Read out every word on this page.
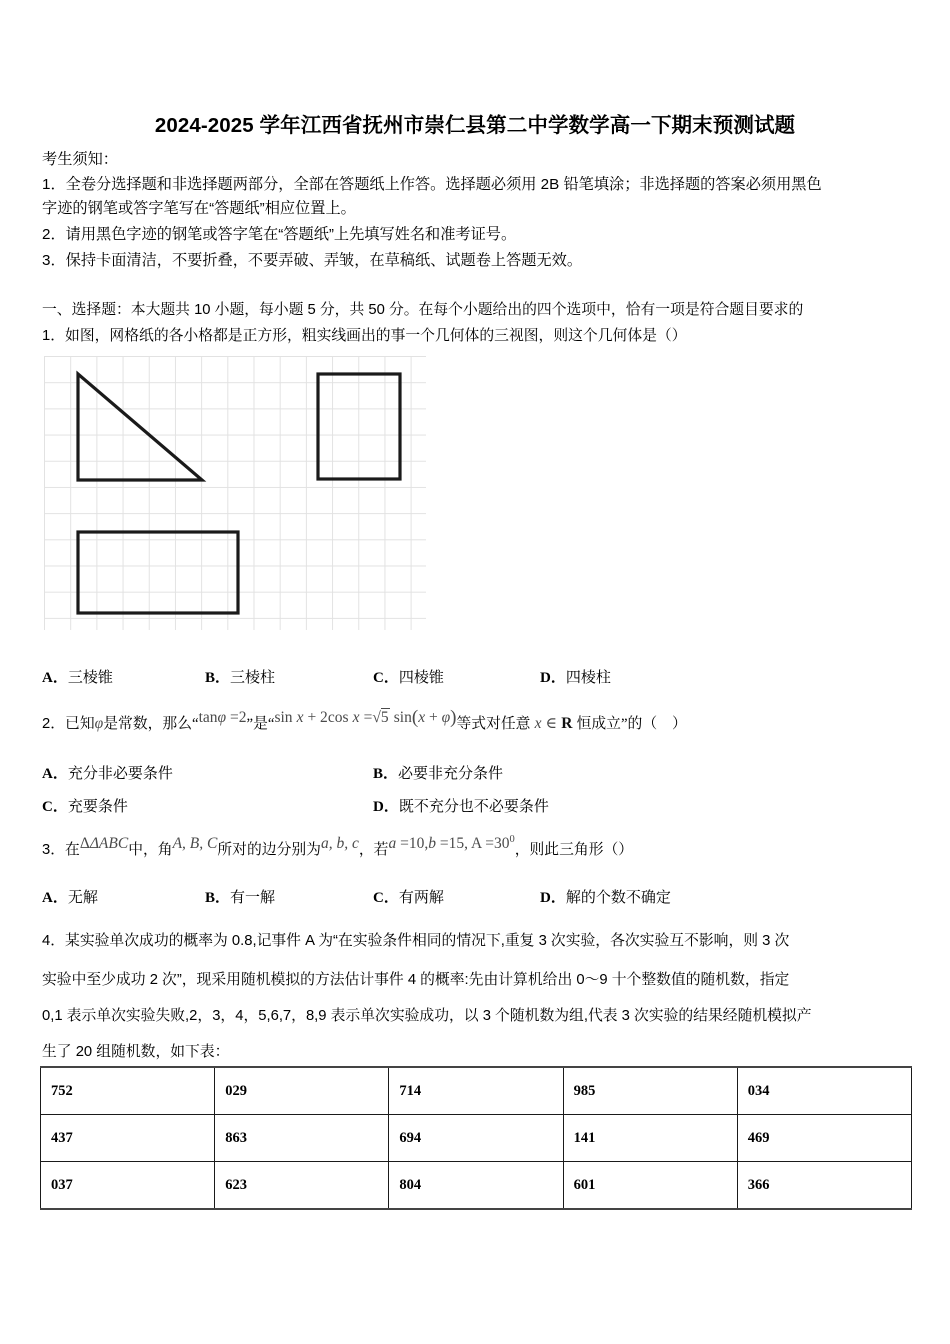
2024-2025 学年江西省抚州市崇仁县第二中学数学高一下期末预测试题
考生须知：
1．全卷分选择题和非选择题两部分，全部在答题纸上作答。选择题必须用 2B 铅笔填涂；非选择题的答案必须用黑色
字迹的钢笔或答字笔写在“答题纸”相应位置上。
2．请用黑色字迹的钢笔或答字笔在“答题纸”上先填写姓名和准考证号。
3．保持卡面清洁，不要折叠，不要弄破、弄皱，在草稿纸、试题卷上答题无效。
一、选择题：本大题共 10 小题，每小题 5 分，共 50 分。在每个小题给出的四个选项中，恰有一项是符合题目要求的
1．如图，网格纸的各小格都是正方形，粗实线画出的事一个几何体的三视图，则这个几何体是（）
A．三棱锥	B．三棱柱	C．四棱锥	D．四棱柱
2．已知φ是常数，那么“tanφ =2”是“sin x + 2cos x =√5 sin(x + φ)等式对任意 x ∈ R 恒成立”的（　）
A．充分非必要条件	B．必要非充分条件
C．充要条件	D．既不充分也不必要条件
3．在ΔΔABC中，角A, B, C所对的边分别为a, b, c，若a =10,b =15, $A =30^0$，则此三角形（）
A．无解	B．有一解	C．有两解	D．解的个数不确定
4．某实验单次成功的概率为 0.8,记事件 A 为“在实验条件相同的情况下,重复 3 次实验，各次实验互不影响，则 3 次
实验中至少成功 2 次”，现采用随机模拟的方法估计事件 4 的概率:先由计算机给出 0～9 十个整数值的随机数，指定
0,1 表示单次实验失败,2，3，4，5,6,7，8,9 表示单次实验成功，以 3 个随机数为组,代表 3 次实验的结果经随机模拟产
生了 20 组随机数，如下表：
752	029	714	985	034
437	863	694	141	469
037	623	804	601	366
